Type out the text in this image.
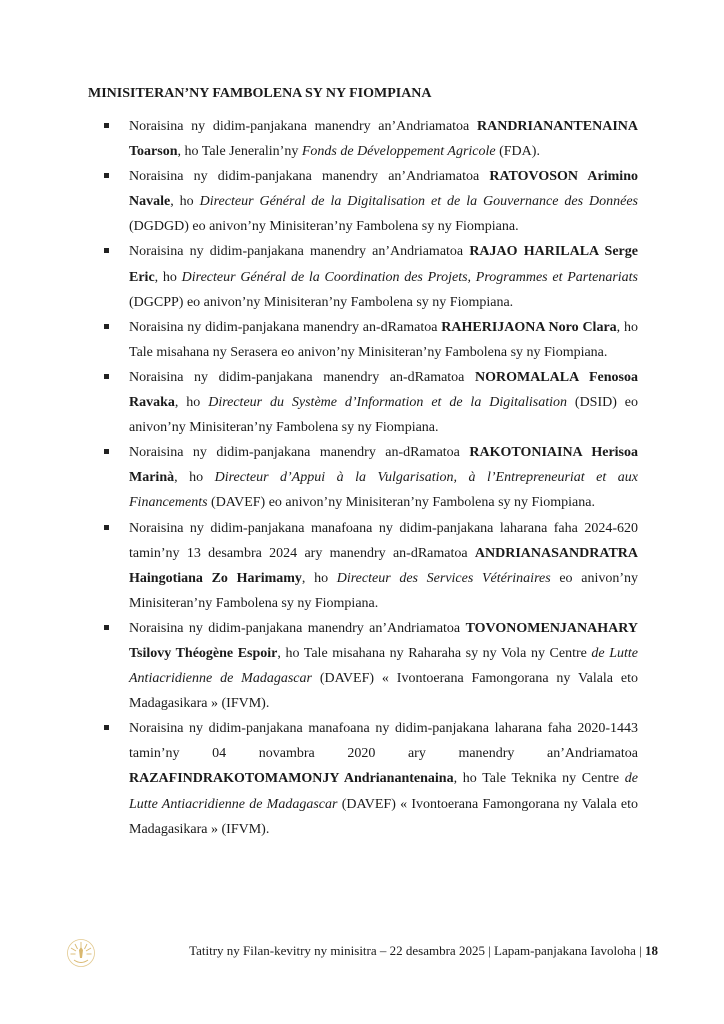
MINISITERAN’NY FAMBOLENA SY NY FIOMPIANA
Noraisina ny didim-panjakana manendry an’Andriamatoa RANDRIANANTENAINA Toarson, ho Tale Jeneralin’ny Fonds de Développement Agricole (FDA).
Noraisina ny didim-panjakana manendry an’Andriamatoa RATOVOSON Arimino Navale, ho Directeur Général de la Digitalisation et de la Gouvernance des Données (DGDGD) eo anivon’ny Minisiteran’ny Fambolena sy ny Fiompiana.
Noraisina ny didim-panjakana manendry an’Andriamatoa RAJAO HARILALA Serge Eric, ho Directeur Général de la Coordination des Projets, Programmes et Partenariats (DGCPP) eo anivon’ny Minisiteran’ny Fambolena sy ny Fiompiana.
Noraisina ny didim-panjakana manendry an-dRamatoa RAHERIJAONA Noro Clara, ho Tale misahana ny Serasera eo anivon’ny Minisiteran’ny Fambolena sy ny Fiompiana.
Noraisina ny didim-panjakana manendry an-dRamatoa NOROMALALA Fenosoa Ravaka, ho Directeur du Système d’Information et de la Digitalisation (DSID) eo anivon’ny Minisiteran’ny Fambolena sy ny Fiompiana.
Noraisina ny didim-panjakana manendry an-dRamatoa RAKOTONIAINA Herisoa Marinà, ho Directeur d’Appui à la Vulgarisation, à l’Entrepreneuriat et aux Financements (DAVEF) eo anivon’ny Minisiteran’ny Fambolena sy ny Fiompiana.
Noraisina ny didim-panjakana manafoana ny didim-panjakana laharana faha 2024-620 tamin’ny 13 desambra 2024 ary manendry an-dRamatoa ANDRIANASANDRATRA Haingotiana Zo Harimamy, ho Directeur des Services Vétérinaires eo anivon’ny Minisiteran’ny Fambolena sy ny Fiompiana.
Noraisina ny didim-panjakana manendry an’Andriamatoa TOVONOMENJANAHARY Tsilovy Théogène Espoir, ho Tale misahana ny Raharaha sy ny Vola ny Centre de Lutte Antiacridienne de Madagascar (DAVEF) « Ivontoerana Famongorana ny Valala eto Madagasikara » (IFVM).
Noraisina ny didim-panjakana manafoana ny didim-panjakana laharana faha 2020-1443 tamin’ny 04 novambra 2020 ary manendry an’Andriamatoa RAZAFINDRAKOTOMAMONJY Andrianantenaina, ho Tale Teknika ny Centre de Lutte Antiacridienne de Madagascar (DAVEF) « Ivontoerana Famongorana ny Valala eto Madagasikara » (IFVM).
Tatitry ny Filan-kevitry ny minisitra – 22 desambra 2025 | Lapam-panjakana Iavoloha | 18
